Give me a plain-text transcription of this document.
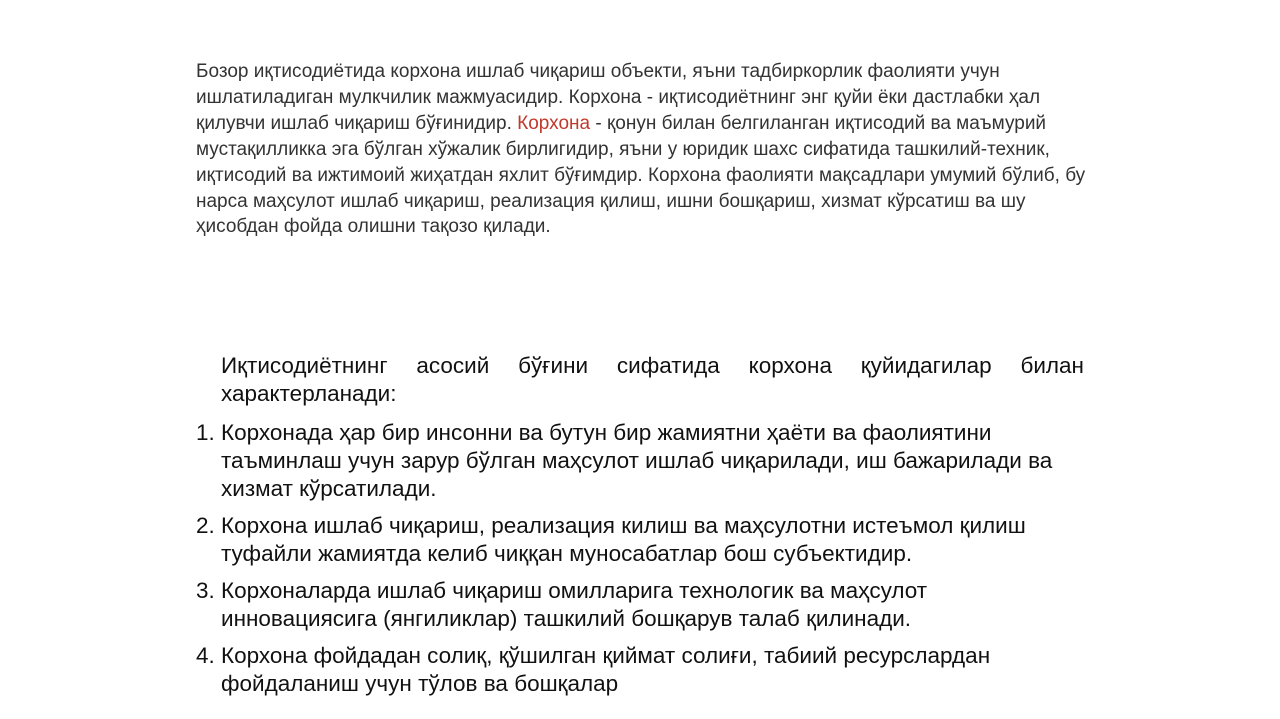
Бозор иқтисодиётида корхона ишлаб чиқариш объекти, яъни тадбиркорлик фаолияти учун ишлатиладиган мулкчилик мажмуасидир. Корхона - иқтисодиётнинг энг қуйи ёки дастлабки ҳал қилувчи ишлаб чиқариш бўғинидир. Корхона - қонун билан белгиланган иқтисодий ва маъмурий мустақилликка эга бўлган хўжалик бирлигидир, яъни у юридик шахс сифатида ташкилий-техник, иқтисодий ва ижтимоий жиҳатдан яхлит бўғимдир. Корхона фаолияти мақсадлари умумий бўлиб, бу нарса маҳсулот ишлаб чиқариш, реализация қилиш, ишни бошқариш, хизмат кўрсатиш ва шу ҳисобдан фойда олишни тақозо қилади.

Иқтисодиётнинг асосий бўғини сифатида корхона қуйидагилар билан характерланади:

1. Корхонада ҳар бир инсонни ва бутун бир жамиятни ҳаёти ва фаолиятини таъминлаш учун зарур бўлган маҳсулот ишлаб чиқарилади, иш бажарилади ва хизмат кўрсатилади.
2. Корхона ишлаб чиқариш, реализация килиш ва маҳсулотни истеъмол қилиш туфайли жамиятда келиб чиққан муносабатлар бош субъектидир.
3. Корхоналарда ишлаб чиқариш омилларига технологик ва маҳсулот инновациясига (янгиликлар) ташкилий бошқарув талаб қилинади.
4. Корхона фойдадан солиқ, қўшилган қиймат солиғи, табиий ресурслардан фойдаланиш учун тўлов ва бошқалар
